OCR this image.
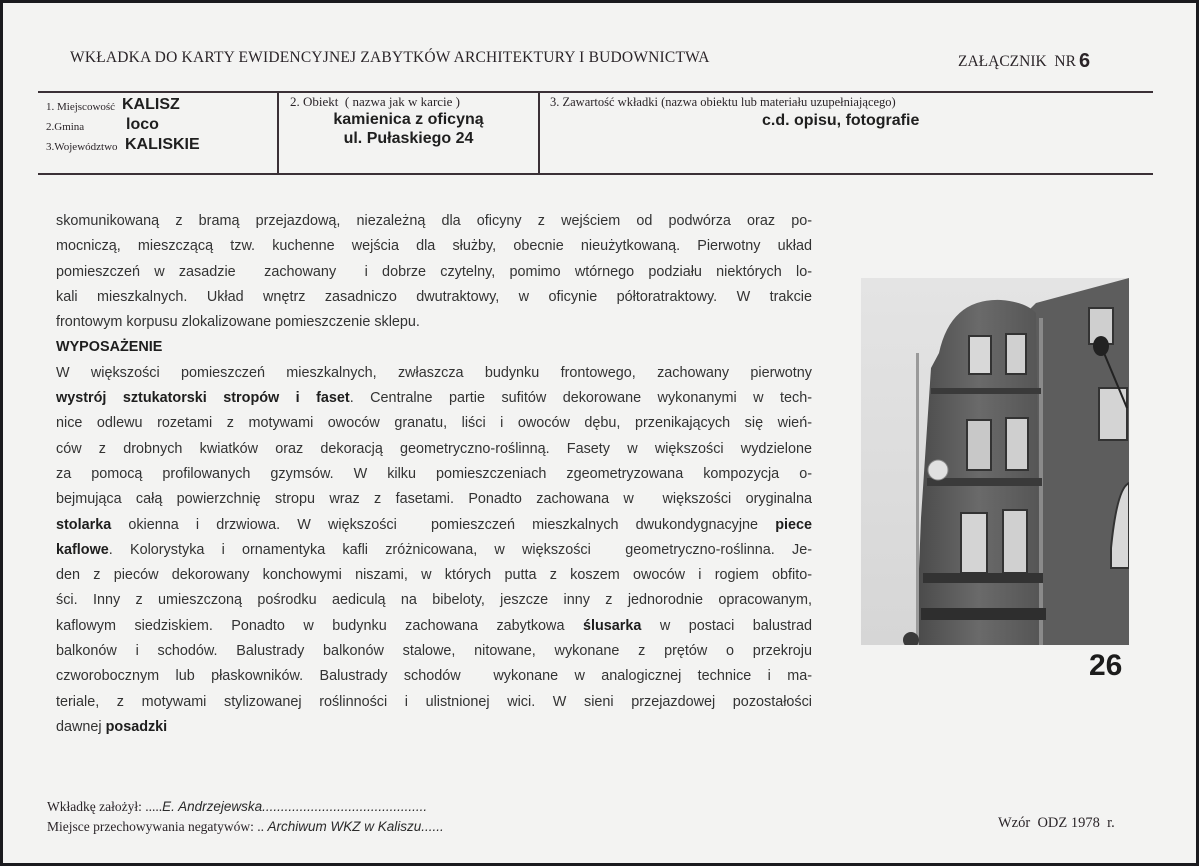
WKŁADKA DO KARTY EWIDENCYJNEJ ZABYTKÓW ARCHITEKTURY I BUDOWNICTWA	ZAŁĄCZNIK  NR 6
1. Miejscowość KALISZ
2.Gmina	loco
3.Województwo KALISKIE
2. Obiekt  ( nazwa jak w karcie )
kamienica z oficyną
ul. Pułaskiego 24
3. Zawartość wkładki (nazwa obiektu lub materiału uzupełniającego)
c.d. opisu, fotografie
skomunikowaną z bramą przejazdową, niezależną dla oficyny z wejściem od podwórza oraz po-
mocniczą, mieszczącą tzw. kuchenne wejścia dla służby, obecnie nieużytkowaną. Pierwotny układ
pomieszczeń w zasadzie  zachowany  i dobrze czytelny, pomimo wtórnego podziału niektórych lo-
kali mieszkalnych. Układ wnętrz zasadniczo dwutraktowy, w oficynie półtoratraktowy. W trakcie
frontowym korpusu zlokalizowane pomieszczenie sklepu.
WYPOSAŻENIE
W większości pomieszczeń mieszkalnych, zwłaszcza budynku frontowego, zachowany pierwotny
wystrój sztukatorski stropów i faset. Centralne partie sufitów dekorowane wykonanymi w tech-
nice odlewu rozetami z motywami owoców granatu, liści i owoców dębu, przenikających się wień-
ców z drobnych kwiatków oraz dekoracją geometryczno-roślinną. Fasety w większości wydzielone
za pomocą profilowanych gzymsów. W kilku pomieszczeniach zgeometryzowana kompozycja o-
bejmująca całą powierzchnię stropu wraz z fasetami. Ponadto zachowana w  większości oryginalna
stolarka okienna i drzwiowa. W większości  pomieszczeń mieszkalnych dwukondygnacyjne piece
kaflowe. Kolorystyka i ornamentyka kafli zróżnicowana, w większości  geometryczno-roślinna. Je-
den z pieców dekorowany konchowymi niszami, w których putta z koszem owoców i rogiem obfito-
ści. Inny z umieszczoną pośrodku aediculą na bibeloty, jeszcze inny z jednorodnie opracowanym,
kaflowym siedziskiem. Ponadto w budynku zachowana zabytkowa ślusarka w postaci balustrad
balkonów i schodów. Balustrady balkonów stalowe, nitowane, wykonane z prętów o przekroju
czworobocznym lub płaskowników. Balustrady schodów  wykonane w analogicznej technice i ma-
teriale, z motywami stylizowanej roślinności i ulistnionej wici. W sieni przejazdowej pozostałości
dawnej posadzki
26
Wkładkę założył: .....E. Andrzejewska............................................
Miejsce przechowywania negatywów: .. Archiwum WKZ w Kaliszu......	Wzór  ODZ 1978  r.
